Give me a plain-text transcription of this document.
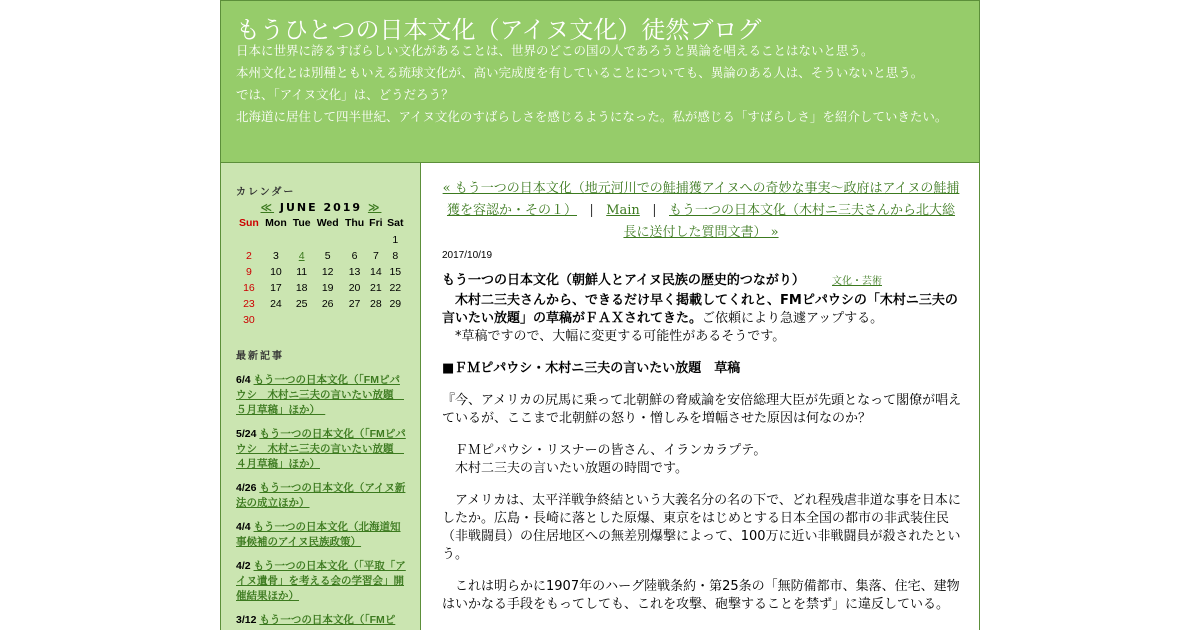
もうひとつの日本文化（アイヌ文化）徒然ブログ

日本に世界に誇るすばらしい文化があることは、世界のどこの国の人であろうと異論を唱えることはないと思う。

本州文化とは別種ともいえる琉球文化が、高い完成度を有していることについても、異論のある人は、そういないと思う。

では、「アイヌ文化」は、どうだろう？

北海道に居住して四半世紀、アイヌ文化のすばらしさを感じるようになった。私が感じる「すばらしさ」を紹介していきたい。

カレンダー
≪ JUNE 2019 ≫
Sun	Mon	Tue	Wed	Thu	Fri	Sat
						1
2	3	4	5	6	7	8
9	10	11	12	13	14	15
16	17	18	19	20	21	22
23	24	25	26	27	28	29
30						
最新記事
6/4 もう一つの日本文化（「FMピパウシ　木村ニ三夫の言いたい放題　５月草稿」ほか）　
5/24 もう一つの日本文化（「FMピパウシ　木村ニ三夫の言いたい放題　４月草稿」ほか）
4/26 もう一つの日本文化（アイヌ新法の成立ほか）
4/4 もう一つの日本文化（北海道知事候補のアイヌ民族政策）
4/2 もう一つの日本文化（「平取「アイヌ遺骨」を考える会の学習会」開催結果ほか）
3/12 もう一つの日本文化（「FMピ
« もう一つの日本文化（地元河川での鮭捕獲アイヌへの奇妙な事実～政府はアイヌの鮭捕獲を容認か・その１） | Main | もう一つの日本文化（木村ニ三夫さんから北大総長に送付した質問文書） »
2017/10/19
もう一つの日本文化（朝鮮人とアイヌ民族の歴史的つながり）	文化・芸術

　木村二三夫さんから、できるだけ早く掲載してくれと、FMピパウシの「木村ニ三夫の言いたい放題」の草稿がＦＡＸされてきた。ご依頼により急遽アップする。

　*草稿ですので、大幅に変更する可能性があるそうです。

■ＦＭピパウシ・木村ニ三夫の言いたい放題　草稿

『今、アメリカの尻馬に乗って北朝鮮の脅威論を安倍総理大臣が先頭となって閣僚が唱えているが、ここまで北朝鮮の怒り・憎しみを増幅させた原因は何なのか？

　ＦＭピパウシ・リスナーの皆さん、イランカラプテ。
　木村二三夫の言いたい放題の時間です。

　アメリカは、太平洋戦争終結という大義名分の名の下で、どれ程残虐非道な事を日本にしたか。広島・長崎に落とした原爆、東京をはじめとする日本全国の都市の非武装住民（非戦闘員）の住居地区への無差別爆撃によって、100万に近い非戦闘員が殺されたという。

　これは明らかに1907年のハーグ陸戦条約・第25条の「無防備都市、集落、住宅、建物はいかなる手段をもってしても、これを攻撃、砲撃することを禁ず」に違反している。
